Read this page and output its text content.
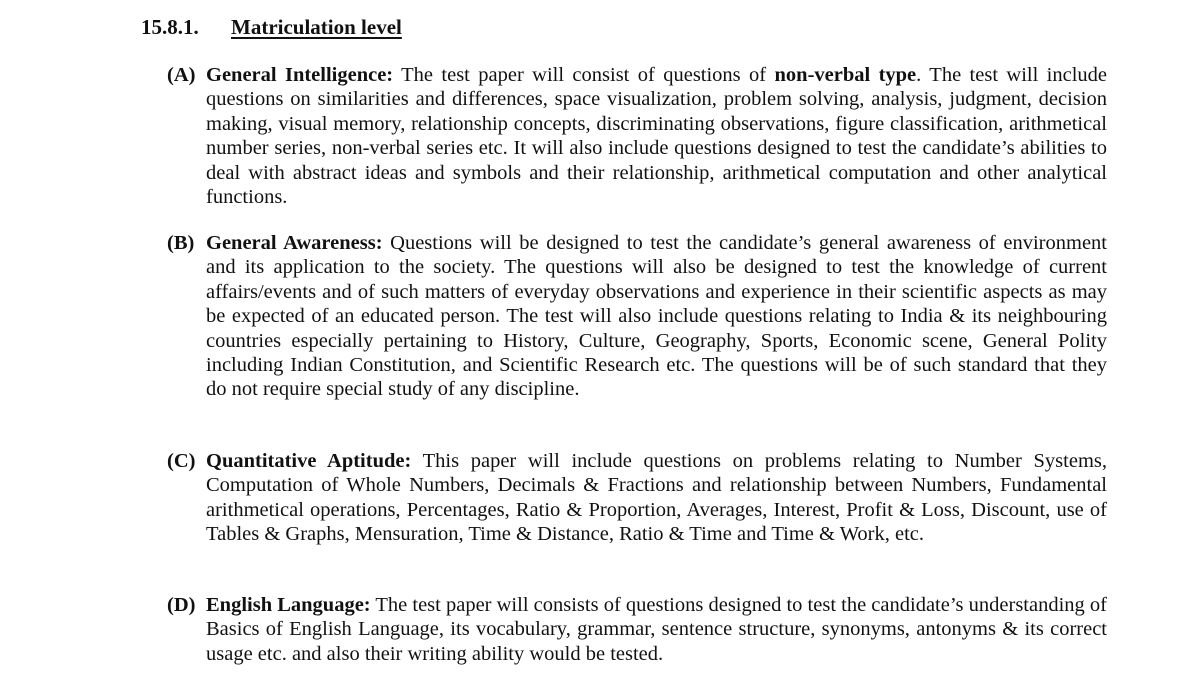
15.8.1. Matriculation level
(A) General Intelligence: The test paper will consist of questions of non-verbal type. The test will include questions on similarities and differences, space visualization, problem solving, analysis, judgment, decision making, visual memory, relationship concepts, discriminating observations, figure classification, arithmetical number series, non-verbal series etc. It will also include questions designed to test the candidate’s abilities to deal with abstract ideas and symbols and their relationship, arithmetical computation and other analytical functions.
(B) General Awareness: Questions will be designed to test the candidate’s general awareness of environment and its application to the society. The questions will also be designed to test the knowledge of current affairs/events and of such matters of everyday observations and experience in their scientific aspects as may be expected of an educated person. The test will also include questions relating to India & its neighbouring countries especially pertaining to History, Culture, Geography, Sports, Economic scene, General Polity including Indian Constitution, and Scientific Research etc. The questions will be of such standard that they do not require special study of any discipline.
(C) Quantitative Aptitude: This paper will include questions on problems relating to Number Systems, Computation of Whole Numbers, Decimals & Fractions and relationship between Numbers, Fundamental arithmetical operations, Percentages, Ratio & Proportion, Averages, Interest, Profit & Loss, Discount, use of Tables & Graphs, Mensuration, Time & Distance, Ratio & Time and Time & Work, etc.
(D) English Language: The test paper will consists of questions designed to test the candidate’s understanding of Basics of English Language, its vocabulary, grammar, sentence structure, synonyms, antonyms & its correct usage etc. and also their writing ability would be tested.
